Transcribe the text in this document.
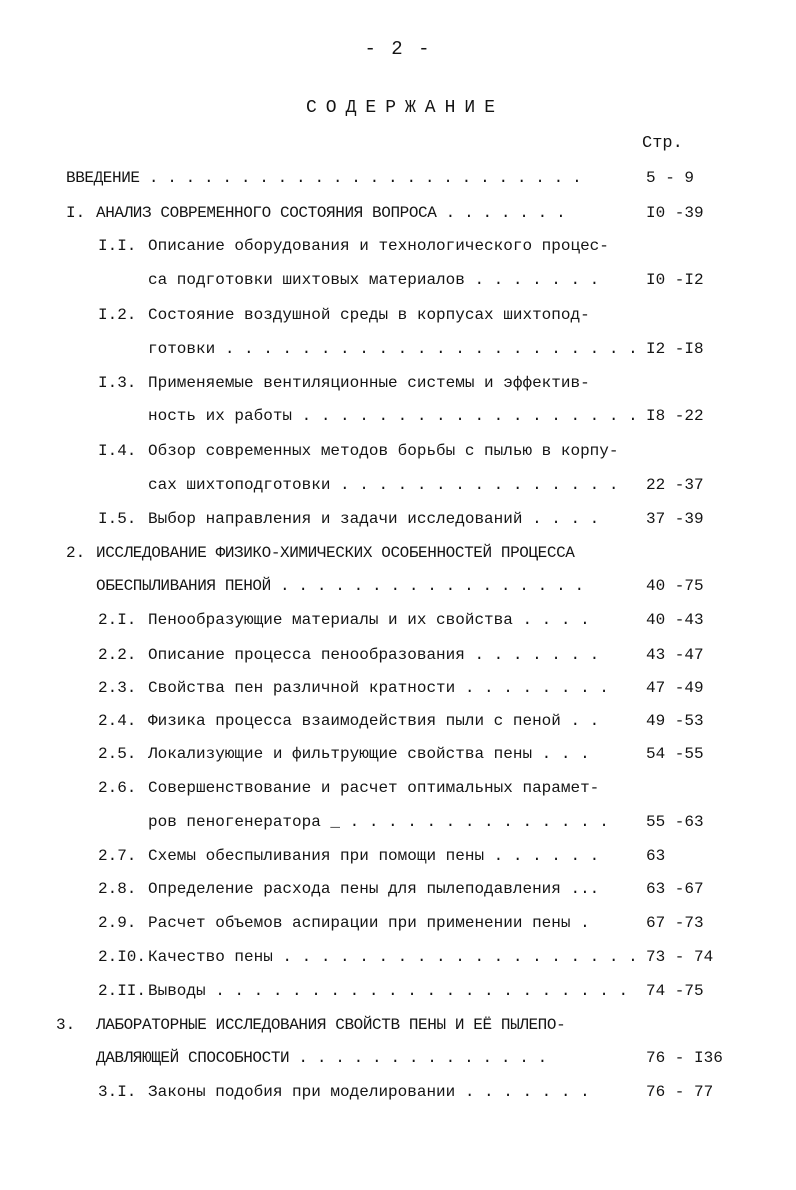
- 2 -
СОДЕРЖАНИЕ
Стр.
ВВЕДЕНИЕ . . . . . . . . . . . . . . . . . . . . . . . .	5 - 9
I. АНАЛИЗ СОВРЕМЕННОГО СОСТОЯНИЯ ВОПРОСА . . . . . . .	I0 -39
I.I. Описание оборудования и технологического процес-
са подготовки шихтовых материалов . . . . . . .	I0 -I2
I.2. Состояние воздушной среды в корпусах шихтопод-
готовки . . . . . . . . . . . . . . . . . . . . . . I2 -I8
I.3. Применяемые вентиляционные системы и эффектив-
ность их работы . . . . . . . . . . . . . . . . . . I8 -22
I.4. Обзор современных методов борьбы с пылью в корпу-
сах шихтоподготовки . . . . . . . . . . . . . . . 22 -37
I.5. Выбор направления и задачи исследований . . . .	37 -39
2. ИССЛЕДОВАНИЕ ФИЗИКО-ХИМИЧЕСКИХ ОСОБЕННОСТЕЙ ПРОЦЕССА
ОБЕСПЫЛИВАНИЯ ПЕНОЙ . . . . . . . . . . . . . . . . .	40 -75
2.I. Пенообразующие материалы и их свойства . . . .	40 -43
2.2. Описание процесса пенообразования . . . . . . .	43 -47
2.3. Свойства пен различной кратности . . . . . . . . 47 -49
2.4. Физика процесса взаимодействия пыли с пеной . .	49 -53
2.5. Локализующие и фильтрующие свойства пены . . .	54 -55
2.6. Совершенствование и расчет оптимальных парамет-
ров пеногенератора _ . . . . . . . . . . . . . . 55 -63
2.7. Схемы обеспыливания при помощи пены . . . . . .	63
2.8. Определение расхода пены для пылеподавления ...	63 -67
2.9. Расчет объемов аспирации при применении пены .	67 -73
2.I0. Качество пены . . . . . . . . . . . . . . . . . . . 73 - 74
2.II. Выводы . . . . . . . . . . . . . . . . . . . . . . 74 -75
3. ЛАБОРАТОРНЫЕ ИССЛЕДОВАНИЯ СВОЙСТВ ПЕНЫ И ЕЁ ПЫЛЕПО-
ДАВЛЯЮЩЕЙ СПОСОБНОСТИ . . . . . . . . . . . . . .	76 - I36
3.I. Законы подобия при моделировании . . . . . . .	76 - 77
